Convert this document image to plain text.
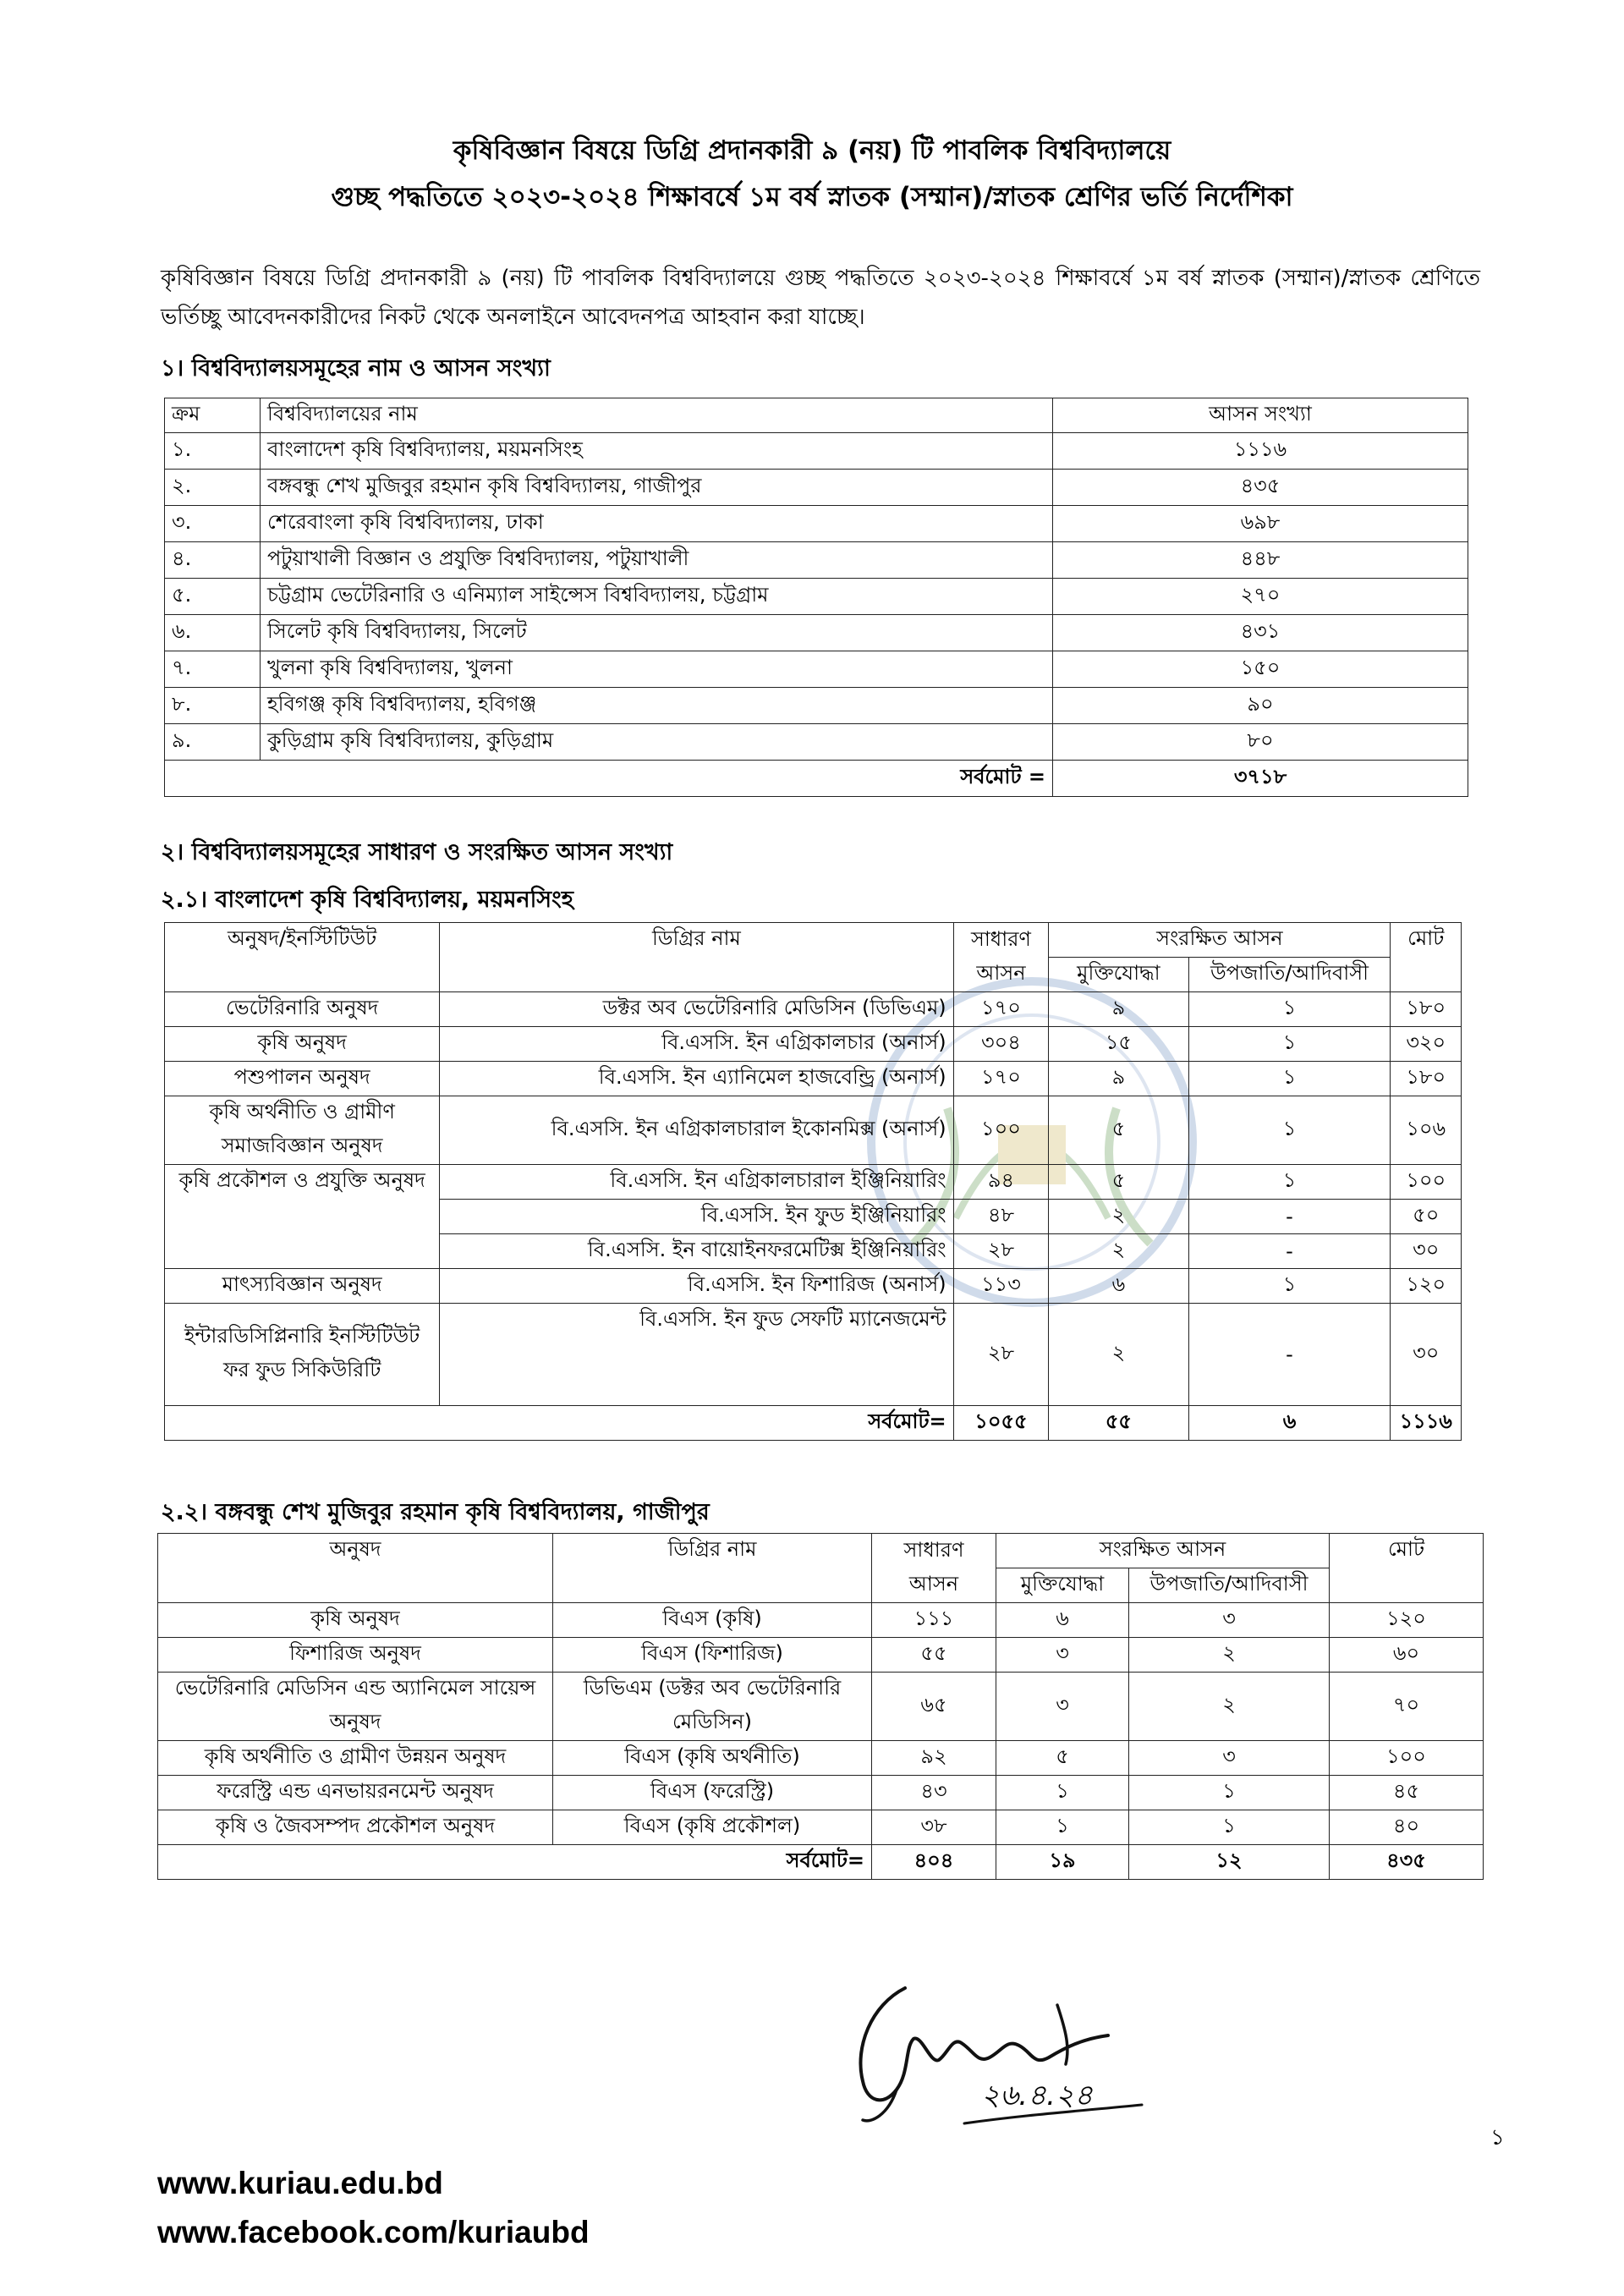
কৃষিবিজ্ঞান বিষয়ে ডিগ্রি প্রদানকারী ৯ (নয়) টি পাবলিক বিশ্ববিদ্যালয়ে
গুচ্ছ পদ্ধতিতে ২০২৩-২০২৪ শিক্ষাবর্ষে ১ম বর্ষ স্নাতক (সম্মান)/স্নাতক শ্রেণির ভর্তি নির্দেশিকা
কৃষিবিজ্ঞান বিষয়ে ডিগ্রি প্রদানকারী ৯ (নয়) টি পাবলিক বিশ্ববিদ্যালয়ে গুচ্ছ পদ্ধতিতে ২০২৩-২০২৪ শিক্ষাবর্ষে ১ম বর্ষ স্নাতক (সম্মান)/স্নাতক শ্রেণিতে ভর্তিচ্ছু আবেদনকারীদের নিকট থেকে অনলাইনে আবেদনপত্র আহবান করা যাচ্ছে।
১। বিশ্ববিদ্যালয়সমূহের নাম ও আসন সংখ্যা
ক্রম	বিশ্ববিদ্যালয়ের নাম	আসন সংখ্যা
১.	বাংলাদেশ কৃষি বিশ্ববিদ্যালয়, ময়মনসিংহ	১১১৬
২.	বঙ্গবন্ধু শেখ মুজিবুর রহমান কৃষি বিশ্ববিদ্যালয়, গাজীপুর	৪৩৫
৩.	শেরেবাংলা কৃষি বিশ্ববিদ্যালয়, ঢাকা	৬৯৮
৪.	পটুয়াখালী বিজ্ঞান ও প্রযুক্তি বিশ্ববিদ্যালয়, পটুয়াখালী	৪৪৮
৫.	চট্টগ্রাম ভেটেরিনারি ও এনিম্যাল সাইন্সেস বিশ্ববিদ্যালয়, চট্টগ্রাম	২৭০
৬.	সিলেট কৃষি বিশ্ববিদ্যালয়, সিলেট	৪৩১
৭.	খুলনা কৃষি বিশ্ববিদ্যালয়, খুলনা	১৫০
৮.	হবিগঞ্জ কৃষি বিশ্ববিদ্যালয়, হবিগঞ্জ	৯০
৯.	কুড়িগ্রাম কৃষি বিশ্ববিদ্যালয়, কুড়িগ্রাম	৮০
সর্বমোট =		৩৭১৮
২। বিশ্ববিদ্যালয়সমূহের সাধারণ ও সংরক্ষিত আসন সংখ্যা
২.১। বাংলাদেশ কৃষি বিশ্ববিদ্যালয়, ময়মনসিংহ
অনুষদ/ইনস্টিটিউট	ডিগ্রির নাম	সাধারণ আসন	সংরক্ষিত আসন		মোট
			মুক্তিযোদ্ধা	উপজাতি/আদিবাসী	
ভেটেরিনারি অনুষদ	ডক্টর অব ভেটেরিনারি মেডিসিন (ডিভিএম)	১৭০	৯	১	১৮০
কৃষি অনুষদ	বি.এসসি. ইন এগ্রিকালচার (অনার্স)	৩০৪	১৫	১	৩২০
পশুপালন অনুষদ	বি.এসসি. ইন এ্যানিমেল হাজবেন্ড্রি (অনার্স)	১৭০	৯	১	১৮০
কৃষি অর্থনীতি ও গ্রামীণ সমাজবিজ্ঞান অনুষদ	বি.এসসি. ইন এগ্রিকালচারাল ইকোনমিক্স (অনার্স)	১০০	৫	১	১০৬
কৃষি প্রকৌশল ও প্রযুক্তি অনুষদ	বি.এসসি. ইন এগ্রিকালচারাল ইঞ্জিনিয়ারিং	৯৪	৫	১	১০০
	বি.এসসি. ইন ফুড ইঞ্জিনিয়ারিং	৪৮	২	-	৫০
	বি.এসসি. ইন বায়োইনফরমেটিক্স ইঞ্জিনিয়ারিং	২৮	২	-	৩০
মাৎস্যবিজ্ঞান অনুষদ	বি.এসসি. ইন ফিশারিজ (অনার্স)	১১৩	৬	১	১২০
ইন্টারডিসিপ্লিনারি ইনস্টিটিউট ফর ফুড সিকিউরিটি	বি.এসসি. ইন ফুড সেফটি ম্যানেজমেন্ট	২৮	২	-	৩০
সর্বমোট=		১০৫৫	৫৫	৬	১১১৬
২.২। বঙ্গবন্ধু শেখ মুজিবুর রহমান কৃষি বিশ্ববিদ্যালয়, গাজীপুর
অনুষদ	ডিগ্রির নাম	সাধারণ আসন	সংরক্ষিত আসন		মোট
			মুক্তিযোদ্ধা	উপজাতি/আদিবাসী	
কৃষি অনুষদ	বিএস (কৃষি)	১১১	৬	৩	১২০
ফিশারিজ অনুষদ	বিএস (ফিশারিজ)	৫৫	৩	২	৬০
ভেটেরিনারি মেডিসিন এন্ড অ্যানিমেল সায়েন্স অনুষদ	ডিভিএম (ডক্টর অব ভেটেরিনারি মেডিসিন)	৬৫	৩	২	৭০
কৃষি অর্থনীতি ও গ্রামীণ উন্নয়ন অনুষদ	বিএস (কৃষি অর্থনীতি)	৯২	৫	৩	১০০
ফরেস্ট্রি এন্ড এনভায়রনমেন্ট অনুষদ	বিএস (ফরেস্ট্রি)	৪৩	১	১	৪৫
কৃষি ও জৈবসম্পদ প্রকৌশল অনুষদ	বিএস (কৃষি প্রকৌশল)	৩৮	১	১	৪০
সর্বমোট=		৪০৪	১৯	১২	৪৩৫
২৬.৪.২৪
১
www.kuriau.edu.bd
www.facebook.com/kuriaubd
